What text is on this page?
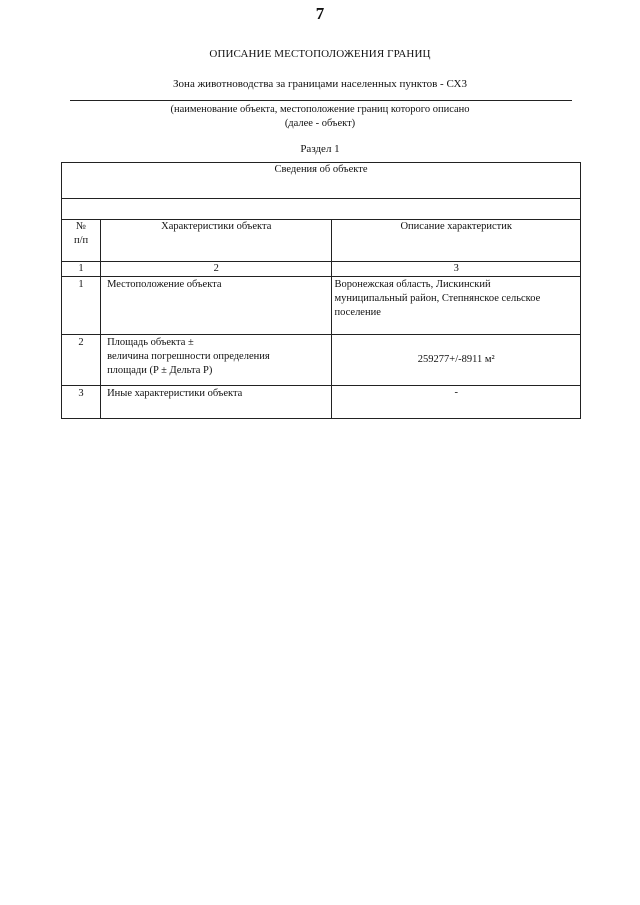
7
ОПИСАНИЕ МЕСТОПОЛОЖЕНИЯ ГРАНИЦ
Зона животноводства за границами населенных пунктов - СХ3
(наименование объекта, местоположение границ которого описано
(далее - объект)
Раздел 1
Сведения об объекте		

№
п/п	Характеристики объекта	Описание характеристик
1	2	3
1	Местоположение объекта	Воронежская область, Лискинский
муниципальный район, Степнянское сельское
поселение

2	Площадь объекта ±
величина погрешности определения
площади (P ± Дельта P)	259277+/-8911 м²
3	Иные характеристики объекта	-
